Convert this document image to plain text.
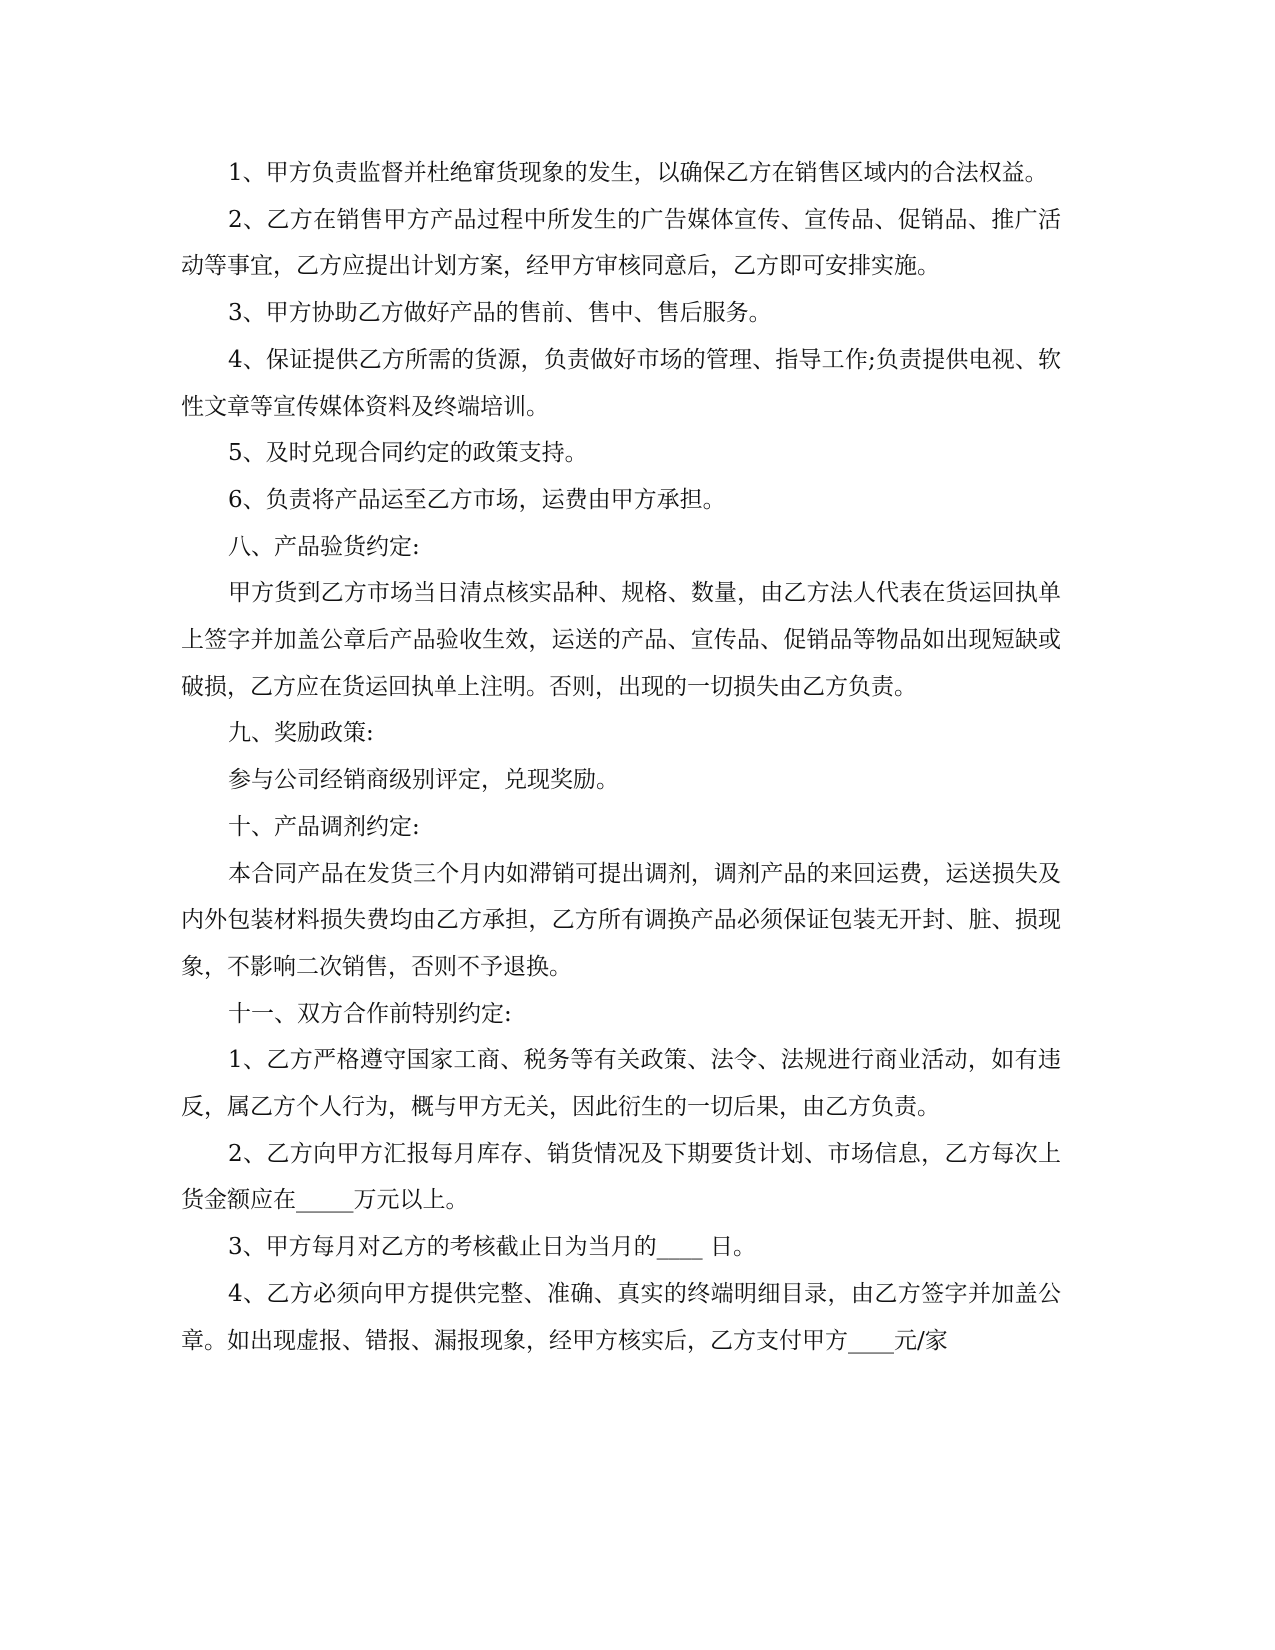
1、甲方负责监督并杜绝窜货现象的发生，以确保乙方在销售区域内的合法权益。

2、乙方在销售甲方产品过程中所发生的广告媒体宣传、宣传品、促销品、推广活动等事宜，乙方应提出计划方案，经甲方审核同意后，乙方即可安排实施。

3、甲方协助乙方做好产品的售前、售中、售后服务。

4、保证提供乙方所需的货源，负责做好市场的管理、指导工作;负责提供电视、软性文章等宣传媒体资料及终端培训。

5、及时兑现合同约定的政策支持。

6、负责将产品运至乙方市场，运费由甲方承担。

八、产品验货约定:

甲方货到乙方市场当日清点核实品种、规格、数量，由乙方法人代表在货运回执单上签字并加盖公章后产品验收生效，运送的产品、宣传品、促销品等物品如出现短缺或破损，乙方应在货运回执单上注明。否则，出现的一切损失由乙方负责。

九、奖励政策:

参与公司经销商级别评定，兑现奖励。

十、产品调剂约定:

本合同产品在发货三个月内如滞销可提出调剂，调剂产品的来回运费，运送损失及内外包装材料损失费均由乙方承担，乙方所有调换产品必须保证包装无开封、脏、损现象，不影响二次销售，否则不予退换。

十一、双方合作前特别约定:

1、乙方严格遵守国家工商、税务等有关政策、法令、法规进行商业活动，如有违反，属乙方个人行为，概与甲方无关，因此衍生的一切后果，由乙方负责。

2、乙方向甲方汇报每月库存、销货情况及下期要货计划、市场信息，乙方每次上货金额应在_____万元以上。

3、甲方每月对乙方的考核截止日为当月的____ 日。

4、乙方必须向甲方提供完整、准确、真实的终端明细目录，由乙方签字并加盖公章。如出现虚报、错报、漏报现象，经甲方核实后，乙方支付甲方____元/家
